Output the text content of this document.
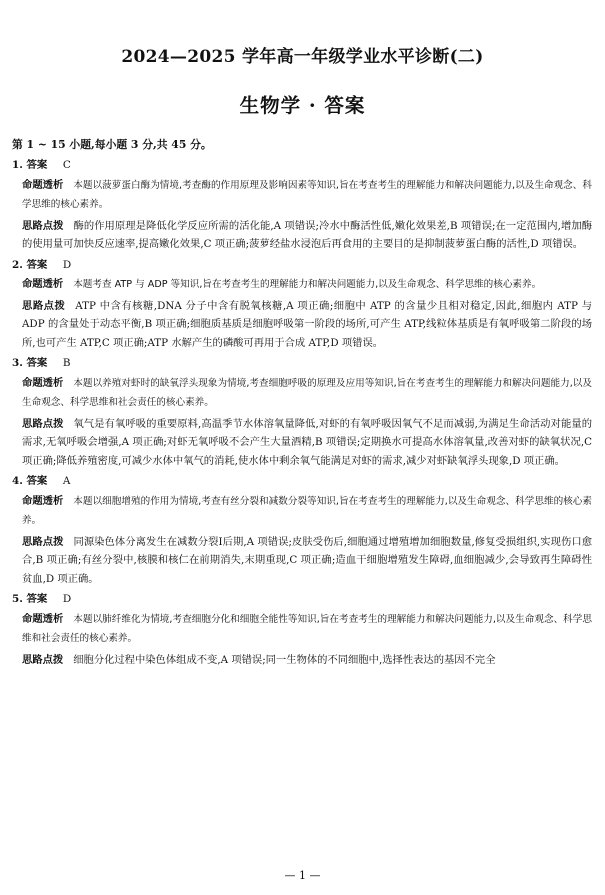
2024—2025 学年高一年级学业水平诊断(二)
生物学 · 答案
第 1 ~ 15 小题,每小题 3 分,共 45 分。
1. 答案 C
命题透析 本题以菠萝蛋白酶为情境,考查酶的作用原理及影响因素等知识,旨在考查考生的理解能力和解决问题能力,以及生命观念、科学思维的核心素养。
思路点拨 酶的作用原理是降低化学反应所需的活化能,A 项错误;冷水中酶活性低,嫩化效果差,B 项错误;在一定范围内,增加酶的使用量可加快反应速率,提高嫩化效果,C 项正确;菠萝经盐水浸泡后再食用的主要目的是抑制菠萝蛋白酶的活性,D 项错误。
2. 答案 D
命题透析 本题考查 ATP 与 ADP 等知识,旨在考查考生的理解能力和解决问题能力,以及生命观念、科学思维的核心素养。
思路点拨 ATP 中含有核糖,DNA 分子中含有脱氧核糖,A 项正确;细胞中 ATP 的含量少且相对稳定,因此,细胞内 ATP 与 ADP 的含量处于动态平衡,B 项正确;细胞质基质是细胞呼吸第一阶段的场所,可产生 ATP,线粒体基质是有氧呼吸第二阶段的场所,也可产生 ATP,C 项正确;ATP 水解产生的磷酸可再用于合成 ATP,D 项错误。
3. 答案 B
命题透析 本题以养殖对虾时的缺氧浮头现象为情境,考查细胞呼吸的原理及应用等知识,旨在考查考生的理解能力和解决问题能力,以及生命观念、科学思维和社会责任的核心素养。
思路点拨 氧气是有氧呼吸的重要原料,高温季节水体溶氧量降低,对虾的有氧呼吸因氧气不足而减弱,为满足生命活动对能量的需求,无氧呼吸会增强,A 项正确;对虾无氧呼吸不会产生大量酒精,B 项错误;定期换水可提高水体溶氧量,改善对虾的缺氧状况,C 项正确;降低养殖密度,可减少水体中氧气的消耗,使水体中剩余氧气能满足对虾的需求,减少对虾缺氧浮头现象,D 项正确。
4. 答案 A
命题透析 本题以细胞增殖的作用为情境,考查有丝分裂和减数分裂等知识,旨在考查考生的理解能力,以及生命观念、科学思维的核心素养。
思路点拨 同源染色体分离发生在减数分裂Ⅰ后期,A 项错误;皮肤受伤后,细胞通过增殖增加细胞数量,修复受损组织,实现伤口愈合,B 项正确;有丝分裂中,核膜和核仁在前期消失,末期重现,C 项正确;造血干细胞增殖发生障碍,血细胞减少,会导致再生障碍性贫血,D 项正确。
5. 答案 D
命题透析 本题以肺纤维化为情境,考查细胞分化和细胞全能性等知识,旨在考查考生的理解能力和解决问题能力,以及生命观念、科学思维和社会责任的核心素养。
思路点拨 细胞分化过程中染色体组成不变,A 项错误;同一生物体的不同细胞中,选择性表达的基因不完全
— 1 —
